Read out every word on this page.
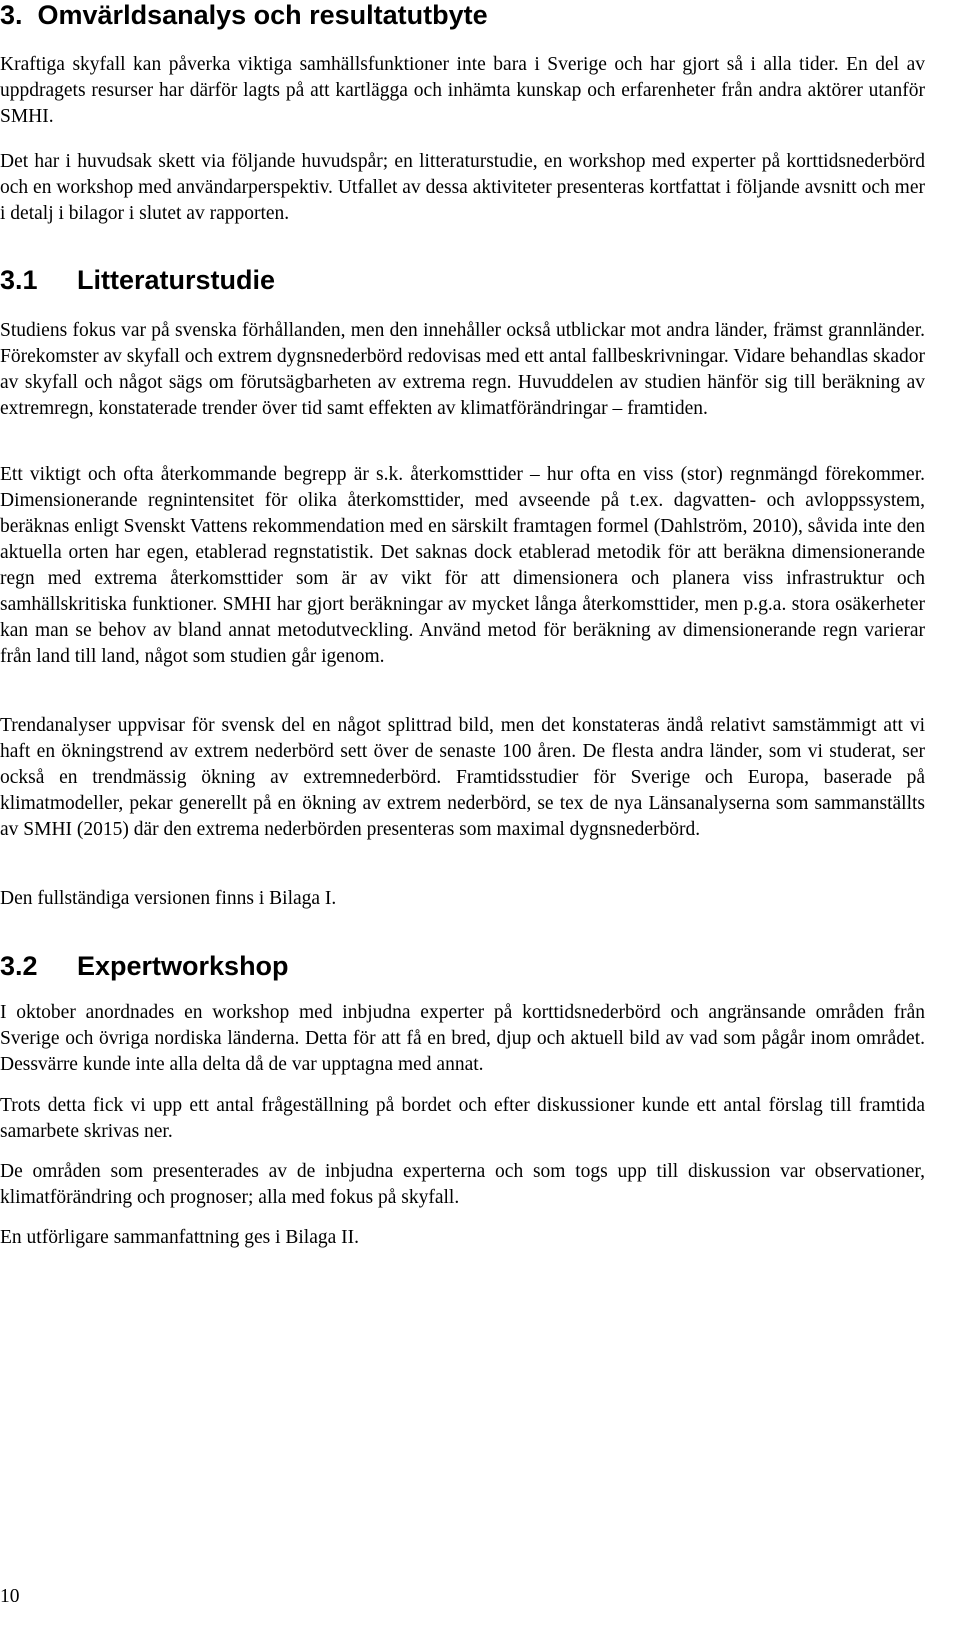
3.  Omvärldsanalys och resultatutbyte

Kraftiga skyfall kan påverka viktiga samhällsfunktioner inte bara i Sverige och har gjort så i alla tider. En del av uppdragets resurser har därför lagts på att kartlägga och inhämta kunskap och erfarenheter från andra aktörer utanför SMHI.

Det har i huvudsak skett via följande huvudspår; en litteraturstudie, en workshop med experter på korttidsnederbörd och en workshop med användarperspektiv. Utfallet av dessa aktiviteter presenteras kortfattat i följande avsnitt och mer i detalj i bilagor i slutet av rapporten.

3.1 Litteraturstudie

Studiens fokus var på svenska förhållanden, men den innehåller också utblickar mot andra länder, främst grannländer. Förekomster av skyfall och extrem dygnsnederbörd redovisas med ett antal fallbeskrivningar. Vidare behandlas skador av skyfall och något sägs om förutsägbarheten av extrema regn. Huvuddelen av studien hänför sig till beräkning av extremregn, konstaterade trender över tid samt effekten av klimatförändringar – framtiden.

Ett viktigt och ofta återkommande begrepp är s.k. återkomsttider – hur ofta en viss (stor) regnmängd förekommer. Dimensionerande regnintensitet för olika återkomsttider, med avseende på t.ex. dagvatten- och avloppssystem, beräknas enligt Svenskt Vattens rekommendation med en särskilt framtagen formel (Dahlström, 2010), såvida inte den aktuella orten har egen, etablerad regnstatistik. Det saknas dock etablerad metodik för att beräkna dimensionerande regn med extrema återkomsttider som är av vikt för att dimensionera och planera viss infrastruktur och samhällskritiska funktioner. SMHI har gjort beräkningar av mycket långa återkomsttider, men p.g.a. stora osäkerheter kan man se behov av bland annat metodutveckling. Använd metod för beräkning av dimensionerande regn varierar från land till land, något som studien går igenom.

Trendanalyser uppvisar för svensk del en något splittrad bild, men det konstateras ändå relativt samstämmigt att vi haft en ökningstrend av extrem nederbörd sett över de senaste 100 åren. De flesta andra länder, som vi studerat, ser också en trendmässig ökning av extremnederbörd. Framtidsstudier för Sverige och Europa, baserade på klimatmodeller, pekar generellt på en ökning av extrem nederbörd, se tex de nya Länsanalyserna som sammanställts av SMHI (2015) där den extrema nederbörden presenteras som maximal dygnsnederbörd.

Den fullständiga versionen finns i Bilaga I.

3.2 Expertworkshop

I oktober anordnades en workshop med inbjudna experter på korttidsnederbörd och angränsande områden från Sverige och övriga nordiska länderna. Detta för att få en bred, djup och aktuell bild av vad som pågår inom området. Dessvärre kunde inte alla delta då de var upptagna med annat.

Trots detta fick vi upp ett antal frågeställning på bordet och efter diskussioner kunde ett antal förslag till framtida samarbete skrivas ner.

De områden som presenterades av de inbjudna experterna och som togs upp till diskussion var observationer, klimatförändring och prognoser; alla med fokus på skyfall.

En utförligare sammanfattning ges i Bilaga II.

10
